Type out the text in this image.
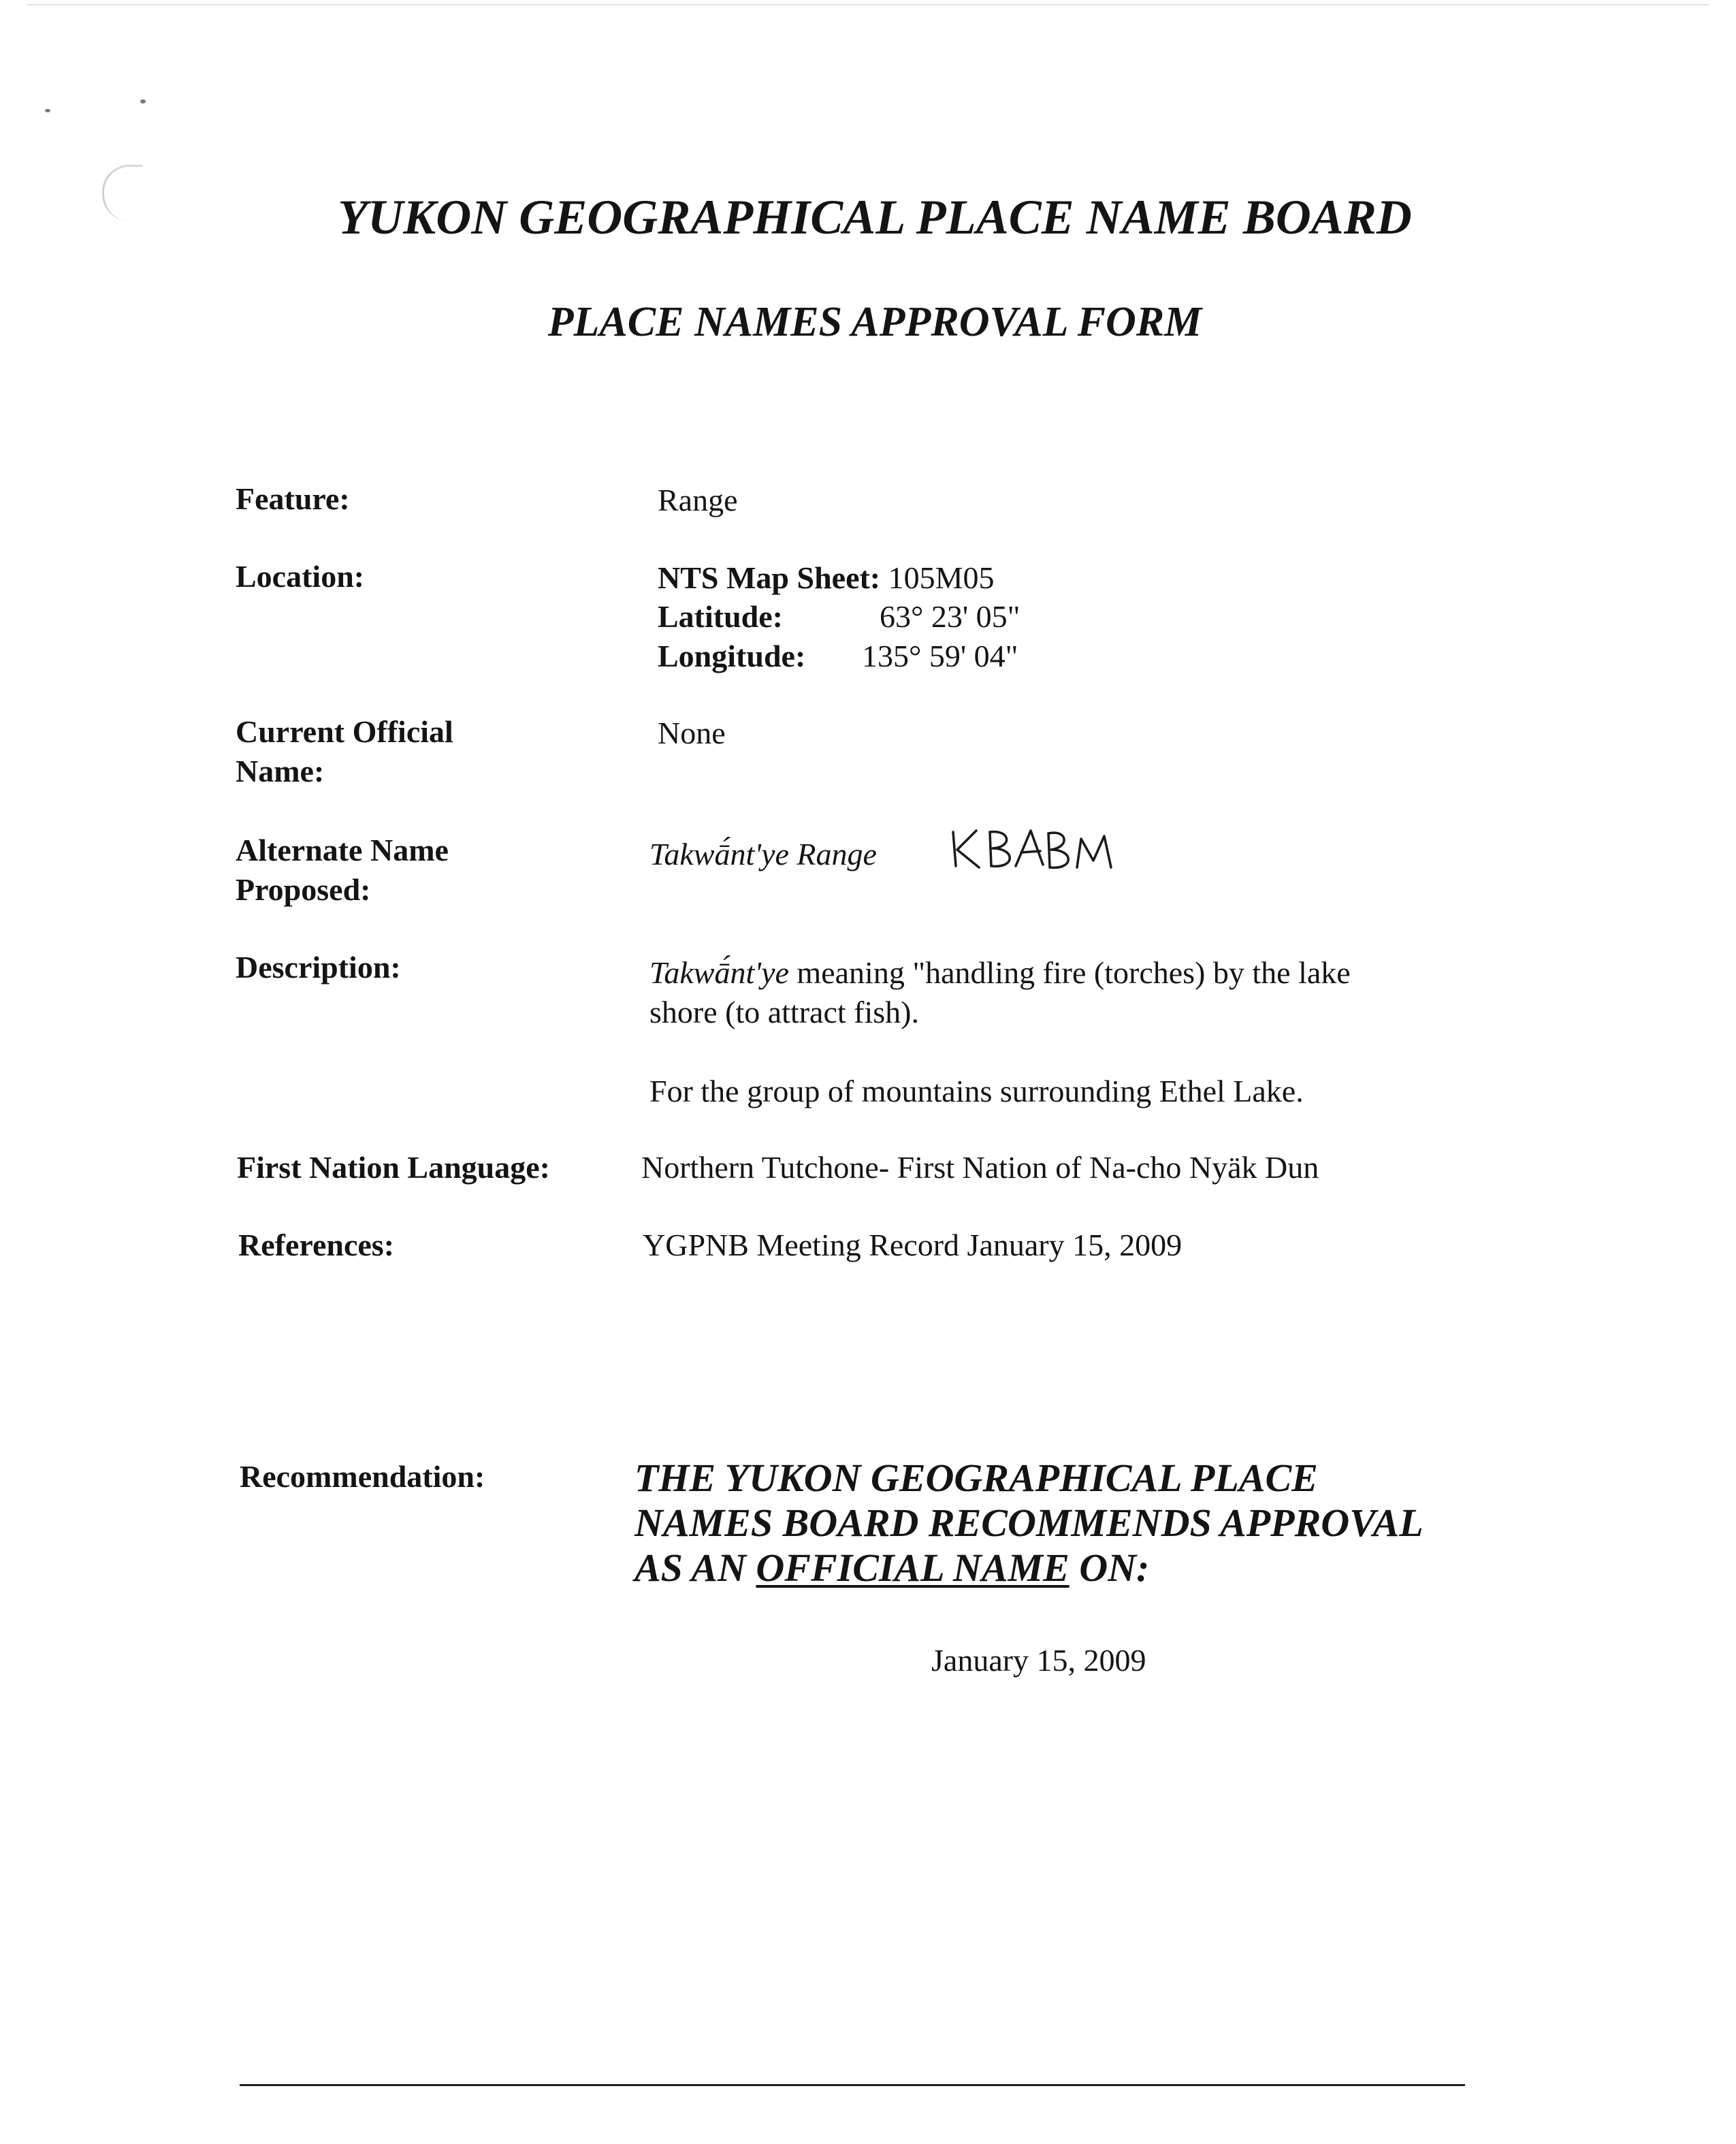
YUKON GEOGRAPHICAL PLACE NAME BOARD
PLACE NAMES APPROVAL FORM
Feature:	Range
Location:	NTS Map Sheet: 105M05
Latitude:	63° 23' 05"
Longitude: 135° 59' 04"
Current Official
Name:
None
Alternate Name
Proposed:
Takwā́nt'ye Range
Description:	Takwā́nt'ye meaning "handling fire (torches) by the lake
shore (to attract fish).
For the group of mountains surrounding Ethel Lake.
First Nation Language:	Northern Tutchone- First Nation of Na-cho Nyäk Dun
References:	YGPNB Meeting Record January 15, 2009
Recommendation:	THE YUKON GEOGRAPHICAL PLACE
NAMES BOARD RECOMMENDS APPROVAL
AS AN OFFICIAL NAME ON:
January 15, 2009
